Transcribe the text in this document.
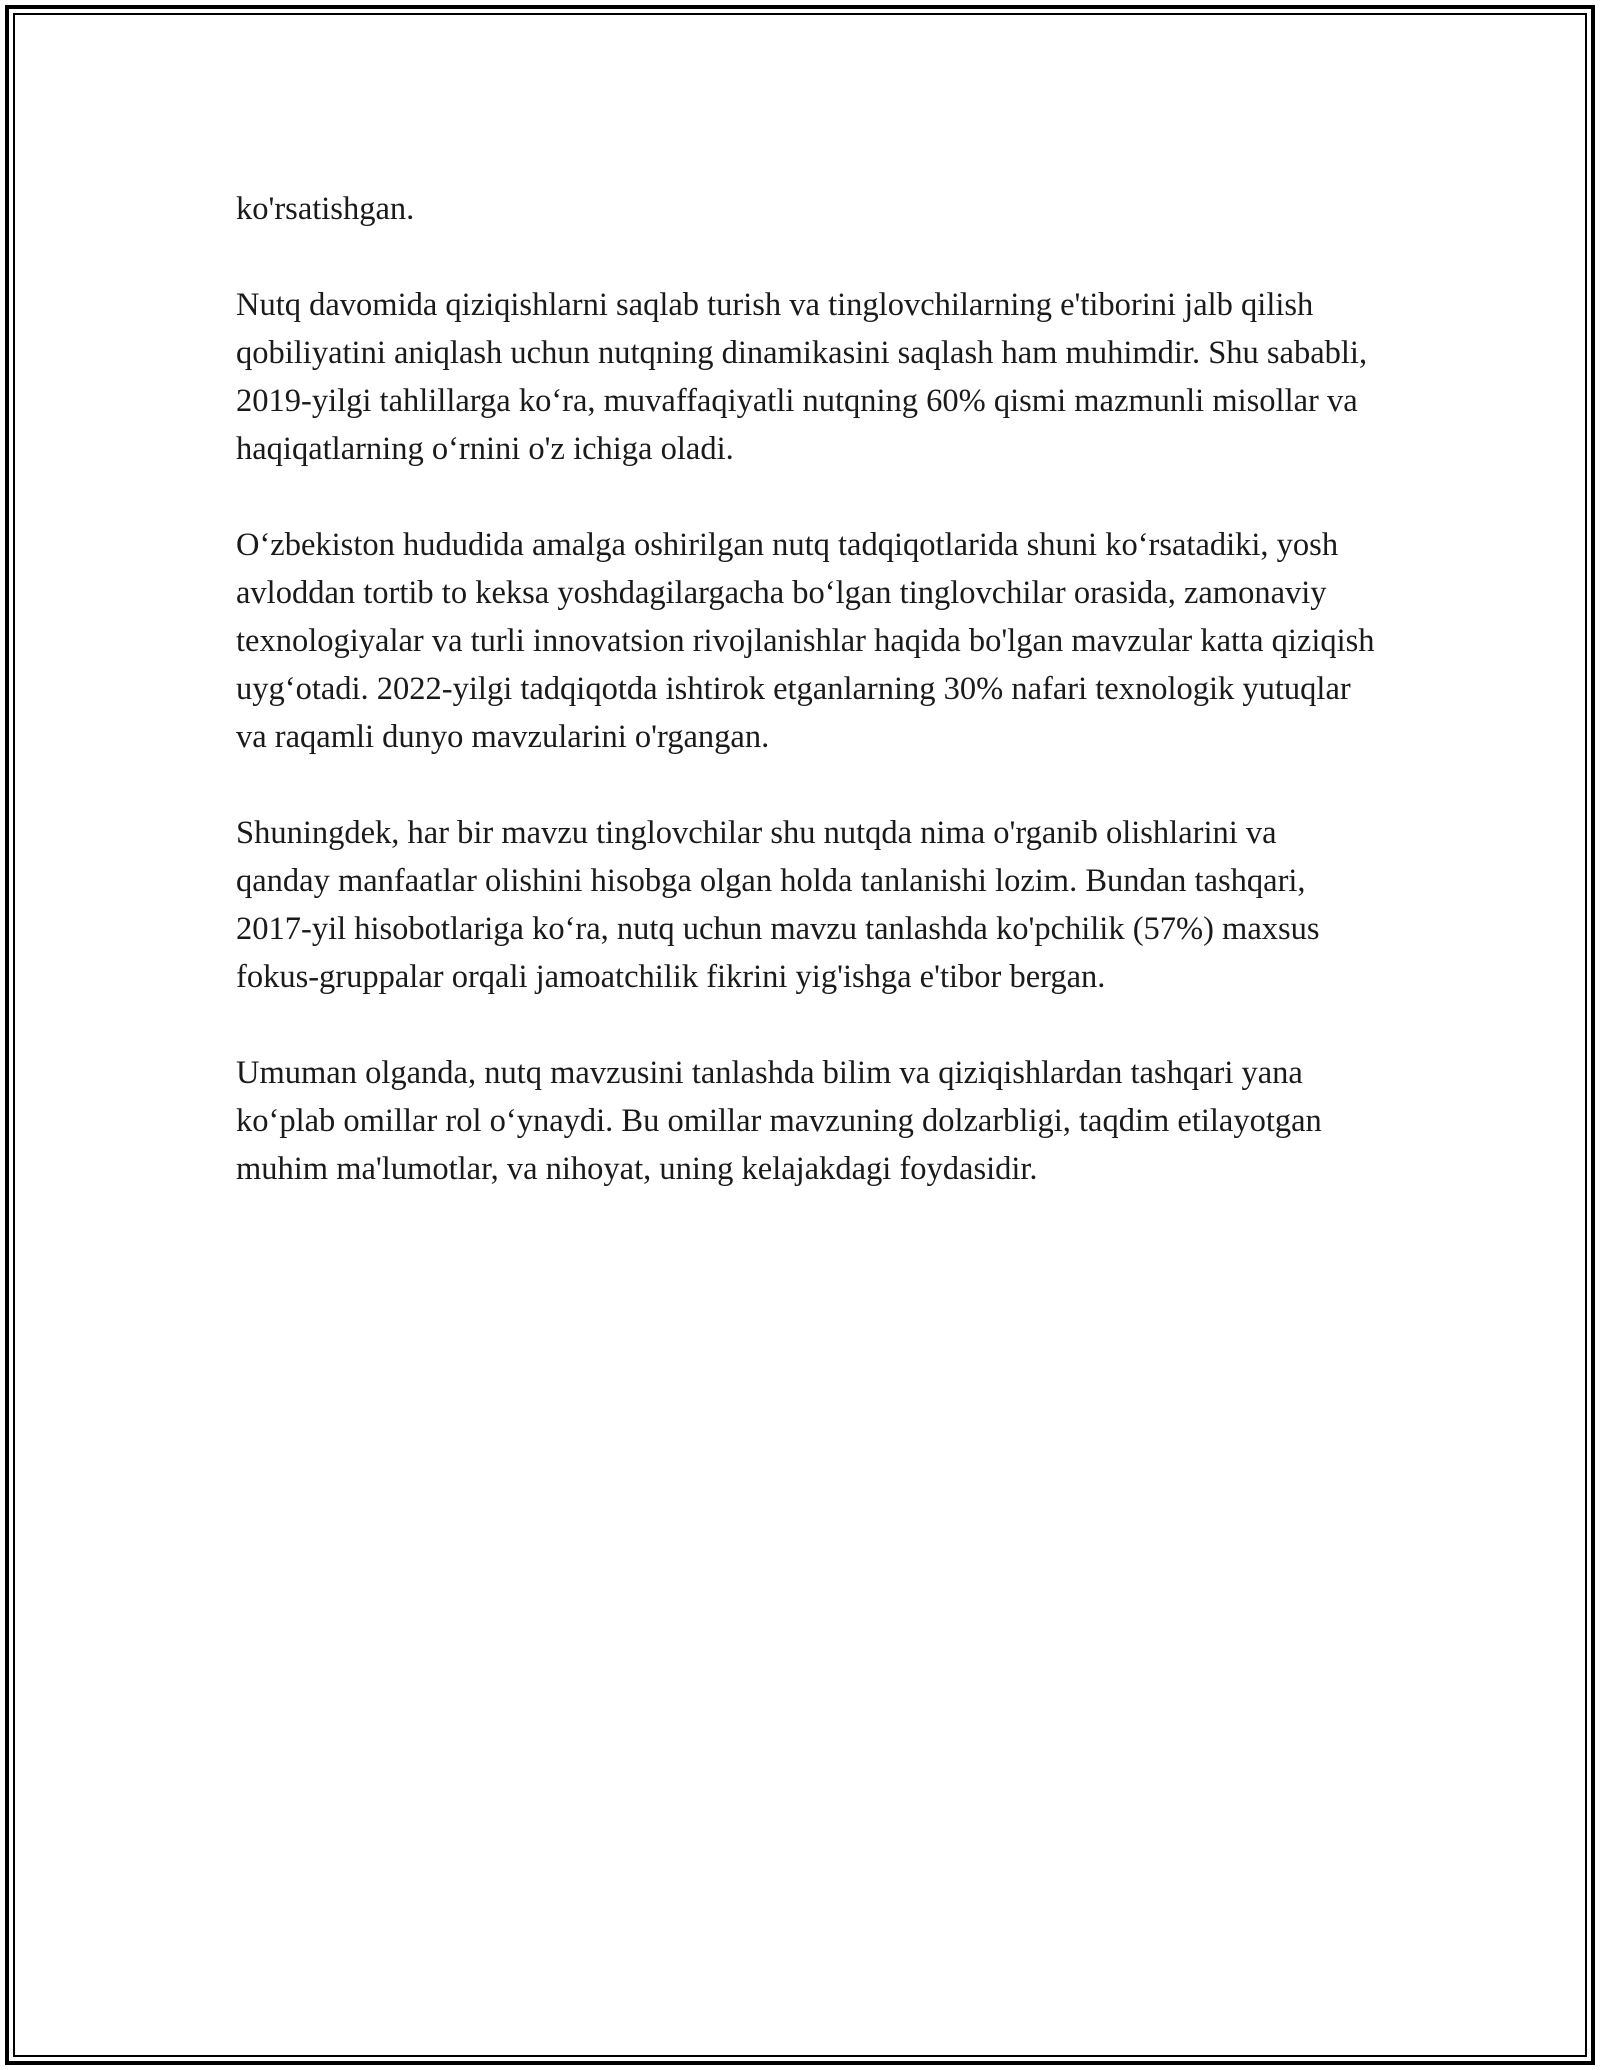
ko'rsatishgan.

Nutq davomida qiziqishlarni saqlab turish va tinglovchilarning e'tiborini jalb qilish qobiliyatini aniqlash uchun nutqning dinamikasini saqlash ham muhimdir. Shu sababli, 2019-yilgi tahlillarga ko‘ra, muvaffaqiyatli nutqning 60% qismi mazmunli misollar va haqiqatlarning o‘rnini o'z ichiga oladi.

O‘zbekiston hududida amalga oshirilgan nutq tadqiqotlarida shuni ko‘rsatadiki, yosh avloddan tortib to keksa yoshdagilargacha bo‘lgan tinglovchilar orasida, zamonaviy texnologiyalar va turli innovatsion rivojlanishlar haqida bo'lgan mavzular katta qiziqish uyg‘otadi. 2022-yilgi tadqiqotda ishtirok etganlarning 30% nafari texnologik yutuqlar va raqamli dunyo mavzularini o'rgangan.

Shuningdek, har bir mavzu tinglovchilar shu nutqda nima o'rganib olishlarini va qanday manfaatlar olishini hisobga olgan holda tanlanishi lozim. Bundan tashqari, 2017-yil hisobotlariga ko‘ra, nutq uchun mavzu tanlashda ko'pchilik (57%) maxsus fokus-gruppalar orqali jamoatchilik fikrini yig'ishga e'tibor bergan.

Umuman olganda, nutq mavzusini tanlashda bilim va qiziqishlardan tashqari yana ko‘plab omillar rol o‘ynaydi. Bu omillar mavzuning dolzarbligi, taqdim etilayotgan muhim ma'lumotlar, va nihoyat, uning kelajakdagi foydasidir.
